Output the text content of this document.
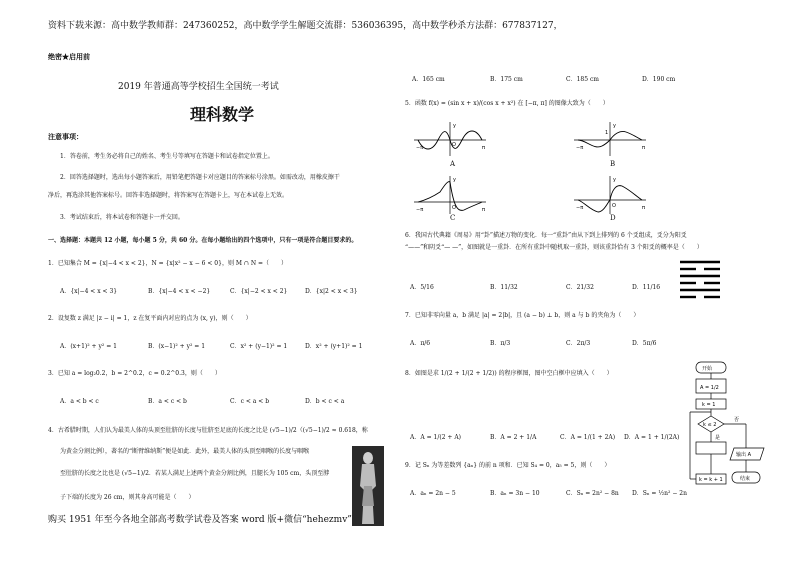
资料下载来源：高中数学教师群：247360252，高中数学学生解题交流群：536036395，高中数学秒杀方法群：677837127，
绝密★启用前
2019 年普通高等学校招生全国统一考试
理科数学
注意事项：
1．答卷前，考生务必将自己的姓名、考生号等填写在答题卡和试卷指定位置上。
2．回答选择题时，选出每小题答案后，用铅笔把答题卡对应题目的答案标号涂黑。如需改动，用橡皮擦干
净后，再选涂其他答案标号。回答非选择题时，将答案写在答题卡上，写在本试卷上无效。
3．考试结束后，将本试卷和答题卡一并交回。
一、选择题：本题共 12 小题，每小题 5 分，共 60 分。在每小题给出的四个选项中，只有一项是符合题目要求的。
1．已知集合 M = {x|−4 < x < 2}，N = {x|x² − x − 6 < 0}，则 M ∩ N =（　　）
A．{x|−4 < x < 3}	B．{x|−4 < x < −2}	C．{x|−2 < x < 2}	D．{x|2 < x < 3}
2．设复数 z 满足 |z − i| = 1，z 在复平面内对应的点为 (x, y)，则（　　）
A．(x+1)² + y² = 1	B．(x−1)² + y² = 1	C．x² + (y−1)² = 1	D．x² + (y+1)² = 1
3．已知 a = log₂0.2，b = 2^0.2，c = 0.2^0.3，则（　　）
A．a < b < c	B．a < c < b	C．c < a < b	D．b < c < a
4．古希腊时期，人们认为最美人体的头顶至肚脐的长度与肚脐至足底的长度之比是 (√5−1)/2（(√5−1)/2 ≈ 0.618，称
为黄金分割比例），著名的“断臂维纳斯”便是如此．此外，最美人体的头顶至咽喉的长度与咽喉
至肚脐的长度之比也是 (√5−1)/2．若某人满足上述两个黄金分割比例，且腿长为 105 cm，头顶至脖
子下端的长度为 26 cm，则其身高可能是（　　）
购买 1951 年至今各地全部高考数学试卷及答案 word 版+微信“hehezmv”
A．165 cm	B．175 cm	C．185 cm	D．190 cm
5．函数 f(x) = (sin x + x)/(cos x + x²) 在 [−π, π] 的图像大致为（　　）
y
O
−π	π
y
1
−π	π
y
O
−π	π
y
O
−π	π
A	B
C	D
6．我国古代典籍《周易》用“卦”描述万物的变化．每一“重卦”由从下到上排列的 6 个爻组成，爻分为阳爻
“——”和阴爻“— —”，如图就是一重卦．在所有重卦中随机取一重卦，则该重卦恰有 3 个阳爻的概率是（　　）
A．5/16	B．11/32	C．21/32	D．11/16
7．已知非零向量 a，b 满足 |a| = 2|b|，且 (a − b) ⊥ b，则 a 与 b 的夹角为（　　）
A．π/6	B．π/3	C．2π/3	D．5π/6
8．如图是求 1/(2 + 1/(2 + 1/2)) 的程序框图，图中空白框中应填入（　　）
A．A = 1/(2 + A)	B．A = 2 + 1/A	C．A = 1/(1 + 2A) D．A = 1 + 1/(2A)
9．记 Sₙ 为等差数列 {aₙ} 的前 n 项和．已知 S₄ = 0，a₅ = 5，则（　　）
A．aₙ = 2n − 5	B．aₙ = 3n − 10	C．Sₙ = 2n² − 8n D．Sₙ = ½n² − 2n
开始
A = 1/2
k = 1
k ≤ 2
是
否
输出 A
结束
k = k + 1
